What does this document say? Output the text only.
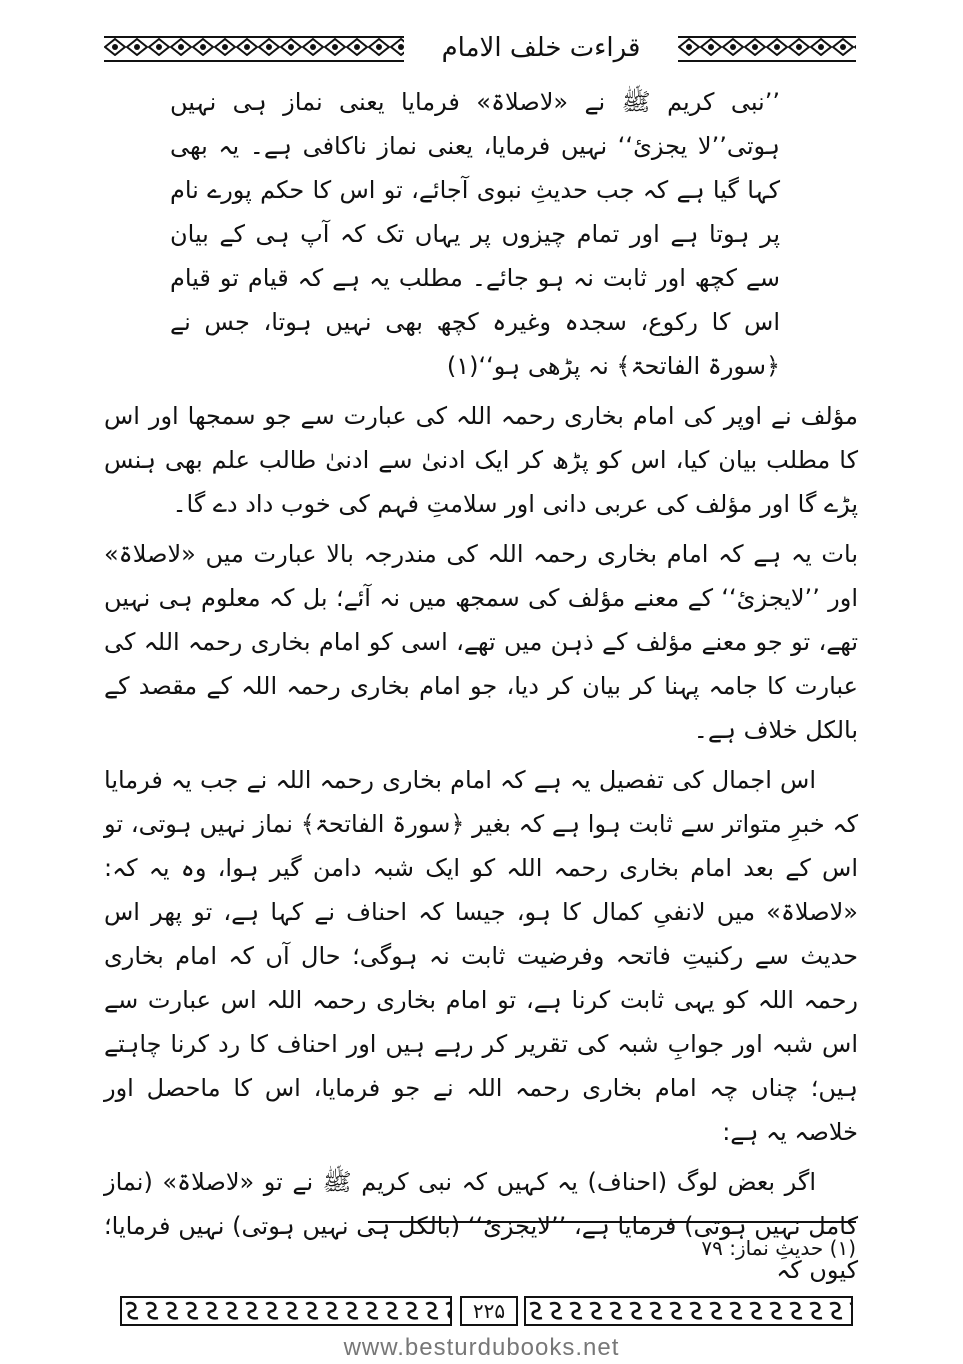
قراءت خلف الامام

’’نبی کریم ﷺ نے «لاصلاۃ» فرمایا یعنی نماز ہی نہیں ہوتی’’لا یجزئ‘‘ نہیں فرمایا، یعنی نماز ناکافی ہے۔ یہ بھی کہا گیا ہے کہ جب حدیثِ نبوی آجائے، تو اس کا حکم پورے نام پر ہوتا ہے اور تمام چیزوں پر یہاں تک کہ آپ ہی کے بیان سے کچھ اور ثابت نہ ہو جائے۔ مطلب یہ ہے کہ قیام تو قیام اس کا رکوع، سجدہ وغیرہ کچھ بھی نہیں ہوتا، جس نے ﴿سورۃ الفاتحۃ﴾ نہ پڑھی ہو‘‘(۱)

مؤلف نے اوپر کی امام بخاری رحمہ اللہ کی عبارت سے جو سمجھا اور اس کا مطلب بیان کیا، اس کو پڑھ کر ایک ادنیٰ سے ادنیٰ طالب علم بھی ہنس پڑے گا اور مؤلف کی عربی دانی اور سلامتِ فہم کی خوب داد دے گا۔

بات یہ ہے کہ امام بخاری رحمہ اللہ کی مندرجہ بالا عبارت میں «لاصلاۃ» اور ’’لایجزئ‘‘ کے معنے مؤلف کی سمجھ میں نہ آئے؛ بل کہ معلوم ہی نہیں تھے، تو جو معنے مؤلف کے ذہن میں تھے، اسی کو امام بخاری رحمہ اللہ کی عبارت کا جامہ پہنا کر بیان کر دیا، جو امام بخاری رحمہ اللہ کے مقصد کے بالکل خلاف ہے۔

اس اجمال کی تفصیل یہ ہے کہ امام بخاری رحمہ اللہ نے جب یہ فرمایا کہ خبرِ متواتر سے ثابت ہوا ہے کہ بغیر ﴿سورۃ الفاتحۃ﴾ نماز نہیں ہوتی، تو اس کے بعد امام بخاری رحمہ اللہ کو ایک شبہ دامن گیر ہوا، وہ یہ کہ: «لاصلاۃ» میں لانفیِ کمال کا ہو، جیسا کہ احناف نے کہا ہے، تو پھر اس حدیث سے رکنیتِ فاتحہ وفرضیت ثابت نہ ہوگی؛ حال آں کہ امام بخاری رحمہ اللہ کو یہی ثابت کرنا ہے، تو امام بخاری رحمہ اللہ اس عبارت سے اس شبہ اور جوابِ شبہ کی تقریر کر رہے ہیں اور احناف کا رد کرنا چاہتے ہیں؛ چناں چہ امام بخاری رحمہ اللہ نے جو فرمایا، اس کا ماحصل اور خلاصہ یہ ہے:

اگر بعض لوگ (احناف) یہ کہیں کہ نبی کریم ﷺ نے تو «لاصلاۃ» (نماز کامل نہیں ہوتی) فرمایا ہے، ’’لایجزئ‘‘ (بالکل ہی نہیں ہوتی) نہیں فرمایا؛ کیوں کہ

(۱) حدیثِ نماز: ۷۹
۲۲۵
www.besturdubooks.net
